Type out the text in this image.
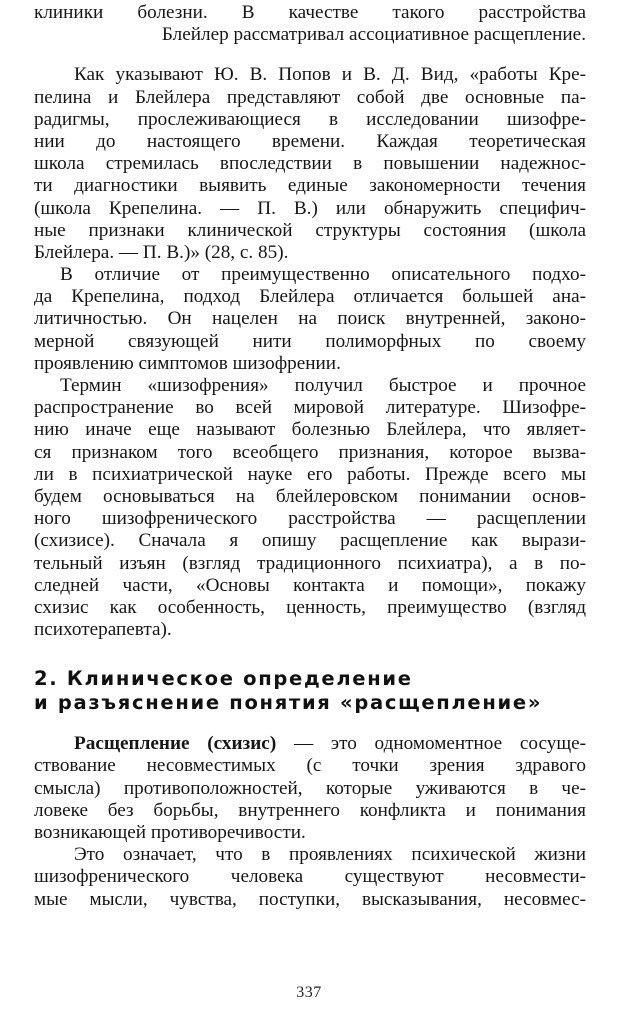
клиники болезни. В качестве такого расстройства
Блейлер рассматривал ассоциативное расщепление.
Как указывают Ю. В. Попов и В. Д. Вид, «работы Кре-
пелина и Блейлера представляют собой две основные па-
радигмы, прослеживающиеся в исследовании шизофре-
нии до настоящего времени. Каждая теоретическая
школа стремилась впоследствии в повышении надежнос-
ти диагностики выявить единые закономерности течения
(школа Крепелина. — П. В.) или обнаружить специфич-
ные признаки клинической структуры состояния (школа
Блейлера. — П. В.)» (28, с. 85).
В отличие от преимущественно описательного подхо-
да Крепелина, подход Блейлера отличается большей ана-
литичностью. Он нацелен на поиск внутренней, законо-
мерной связующей нити полиморфных по своему
проявлению симптомов шизофрении.
Термин «шизофрения» получил быстрое и прочное
распространение во всей мировой литературе. Шизофре-
нию иначе еще называют болезнью Блейлера, что являет-
ся признаком того всеобщего признания, которое вызва-
ли в психиатрической науке его работы. Прежде всего мы
будем основываться на блейлеровском понимании основ-
ного шизофренического расстройства — расщеплении
(схизисе). Сначала я опишу расщепление как вырази-
тельный изъян (взгляд традиционного психиатра), а в по-
следней части, «Основы контакта и помощи», покажу
схизис как особенность, ценность, преимущество (взгляд
психотерапевта).
2. Клиническое определение
и разъяснение понятия «расщепление»
Расщепление (схизис) — это одномоментное сосуще-
ствование несовместимых (с точки зрения здравого
смысла) противоположностей, которые уживаются в че-
ловеке без борьбы, внутреннего конфликта и понимания
возникающей противоречивости.
Это означает, что в проявлениях психической жизни
шизофренического человека существуют несовмести-
мые мысли, чувства, поступки, высказывания, несовмес-
337
